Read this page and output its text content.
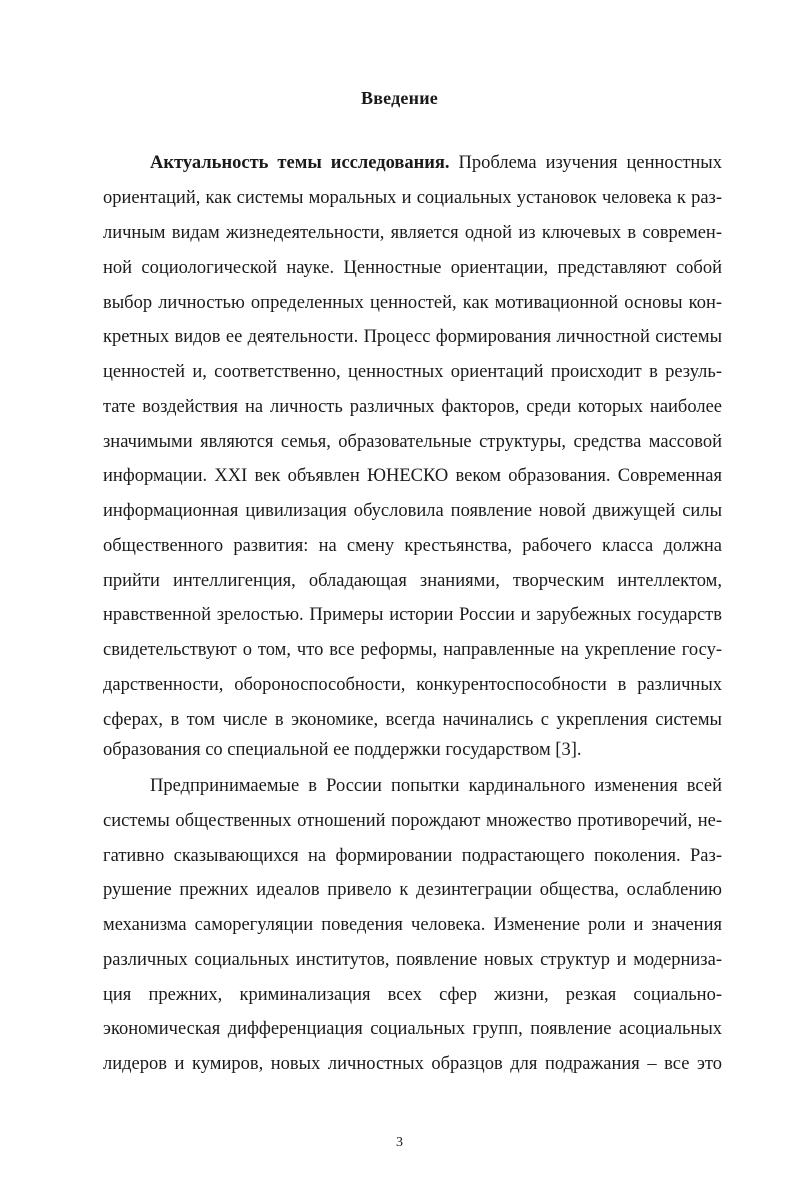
Введение
Актуальность темы исследования. Проблема изучения ценностных
ориентаций, как системы моральных и социальных установок человека к раз-
личным видам жизнедеятельности, является одной из ключевых в современ-
ной социологической науке. Ценностные ориентации, представляют собой
выбор личностью определенных ценностей, как мотивационной основы кон-
кретных видов ее деятельности. Процесс формирования личностной системы
ценностей и, соответственно, ценностных ориентаций происходит в резуль-
тате воздействия на личность различных факторов, среди которых наиболее
значимыми являются семья, образовательные структуры, средства массовой
информации. XXI век объявлен ЮНЕСКО веком образования. Современная
информационная цивилизация обусловила появление новой движущей силы
общественного развития: на смену крестьянства, рабочего класса должна
прийти интеллигенция, обладающая знаниями, творческим интеллектом,
нравственной зрелостью. Примеры истории России и зарубежных государств
свидетельствуют о том, что все реформы, направленные на укрепление госу-
дарственности, обороноспособности, конкурентоспособности в различных
сферах, в том числе в экономике, всегда начинались с укрепления системы
образования со специальной ее поддержки государством [3].
Предпринимаемые в России попытки кардинального изменения всей
системы общественных отношений порождают множество противоречий, не-
гативно сказывающихся на формировании подрастающего поколения. Раз-
рушение прежних идеалов привело к дезинтеграции общества, ослаблению
механизма саморегуляции поведения человека. Изменение роли и значения
различных социальных институтов, появление новых структур и модерниза-
ция прежних, криминализация всех сфер жизни, резкая социально-
экономическая дифференциация социальных групп, появление асоциальных
лидеров и кумиров, новых личностных образцов для подражания – все это
3
